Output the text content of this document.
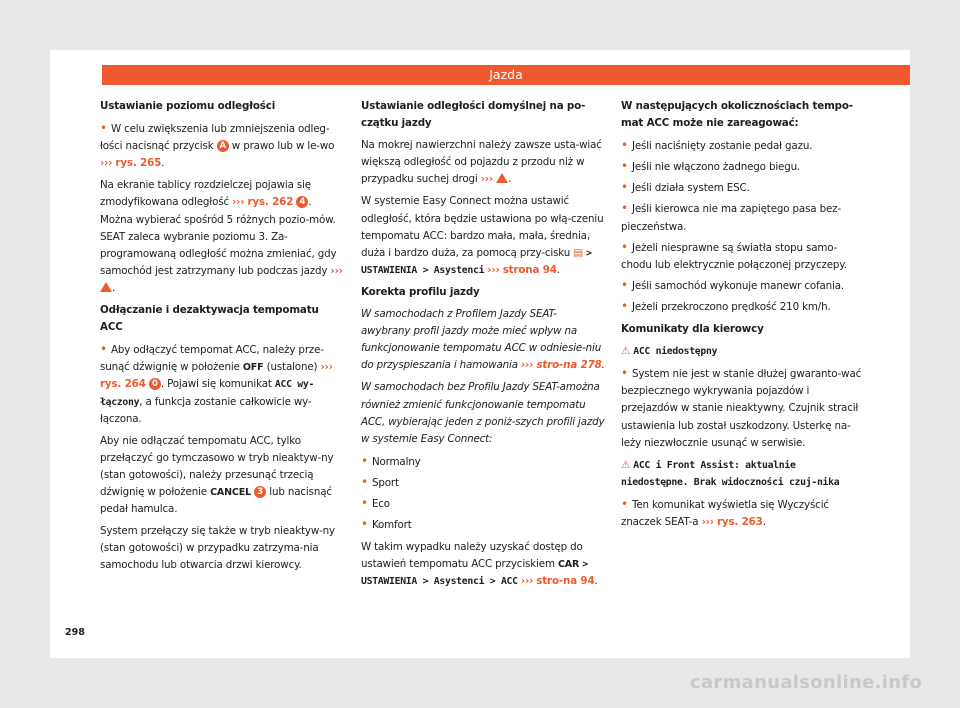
Jazda

Ustawianie poziomu odległości

• W celu zwiększenia lub zmniejszenia odleg-łości nacisnąć przycisk A w prawo lub w le-wo ››› rys. 265.

Na ekranie tablicy rozdzielczej pojawia się zmodyfikowana odległość ››› rys. 262 4 . Można wybierać spośród 5 różnych pozio-mów. SEAT zaleca wybranie poziomu 3. Za-programowaną odległość można zmieniać, gdy samochód jest zatrzymany lub podczas jazdy ››› .

Odłączanie i dezaktywacja tempomatu ACC

• Aby odłączyć tempomat ACC, należy prze-sunąć dźwignię w położenie OFF (ustalone) ››› rys. 264 0 . Pojawi się komunikat ACC wy-łączony, a funkcja zostanie całkowicie wy-łączona.

Aby nie odłączać tempomatu ACC, tylko przełączyć go tymczasowo w tryb nieaktyw-ny (stan gotowości), należy przesunąć trzecią dźwignię w położenie CANCEL 3 lub nacisnąć pedał hamulca.

System przełączy się także w tryb nieaktyw-ny (stan gotowości) w przypadku zatrzyma-nia samochodu lub otwarcia drzwi kierowcy.

Ustawianie odległości domyślnej na po-czątku jazdy

Na mokrej nawierzchni należy zawsze usta-wiać większą odległość od pojazdu z przodu niż w przypadku suchej drogi ››› .

W systemie Easy Connect można ustawić odległość, która będzie ustawiona po włą-czeniu tempomatu ACC: bardzo mała, mała, średnia, duża i bardzo duża, za pomocą przy-cisku ▤ > USTAWIENIA > Asystenci ››› strona 94.

Korekta profilu jazdy

W samochodach z Profilem Jazdy SEAT-awybrany profil jazdy może mieć wpływ na funkcjonowanie tempomatu ACC w odniesie-niu do przyspieszania i hamowania ››› stro-na 278.

W samochodach bez Profilu Jazdy SEAT-amożna również zmienić funkcjonowanie tempomatu ACC, wybierając jeden z poniż-szych profili jazdy w systemie Easy Connect:

• Normalny

• Sport

• Eco

• Komfort

W takim wypadku należy uzyskać dostęp do ustawień tempomatu ACC przyciskiem CAR > USTAWIENIA > Asystenci > ACC ››› stro-na 94.

W następujących okolicznościach tempo-mat ACC może nie zareagować:

• Jeśli naciśnięty zostanie pedał gazu.

• Jeśli nie włączono żadnego biegu.

• Jeśli działa system ESC.

• Jeśli kierowca nie ma zapiętego pasa bez-pieczeństwa.

• Jeżeli niesprawne są światła stopu samo-chodu lub elektrycznie połączonej przyczepy.

• Jeśli samochód wykonuje manewr cofania.

• Jeżeli przekroczono prędkość 210 km/h.

Komunikaty dla kierowcy

⚠ ACC niedostępny

• System nie jest w stanie dłużej gwaranto-wać bezpiecznego wykrywania pojazdów i przejazdów w stanie nieaktywny. Czujnik stracił ustawienia lub został uszkodzony. Usterkę na-leży niezwłocznie usunąć w serwisie.

⚠ ACC i Front Assist: aktualnie niedostępne. Brak widoczności czuj-nika

• Ten komunikat wyświetla się Wyczyścić znaczek SEAT-a ››› rys. 263.

298
carmanualsonline.info
